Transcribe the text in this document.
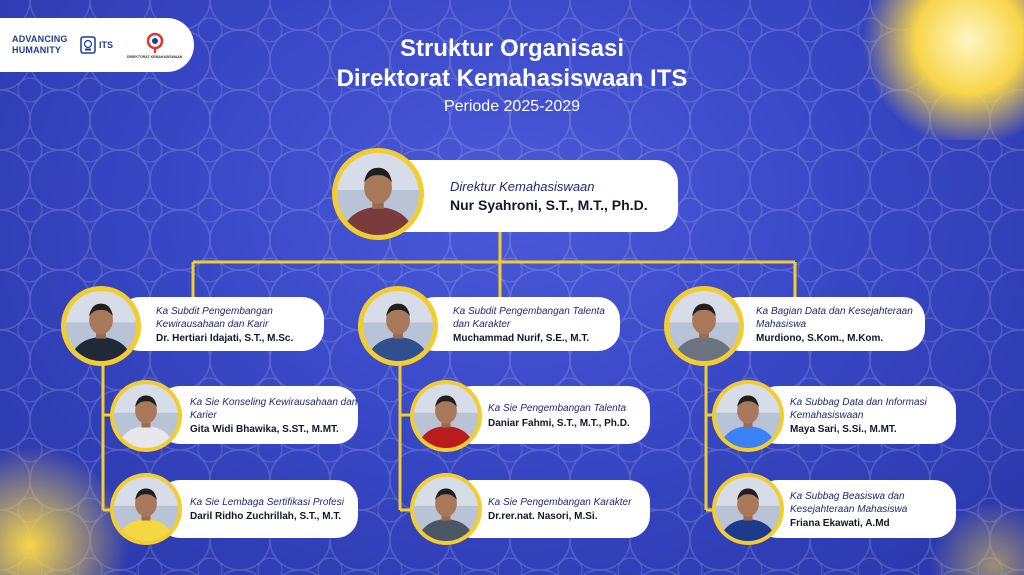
ADVANCING HUMANITY	ITS
DIREKTORAT KEMAHASISWAAN	Struktur Organisasi
Direktorat Kemahasiswaan ITS
Periode 2025-2029
Direktur Kemahasiswaan
Nur Syahroni, S.T., M.T., Ph.D.
Ka Subdit Pengembangan Kewirausahaan dan Karir
Dr. Hertiari Idajati, S.T., M.Sc.
Ka Subdit Pengembangan Talenta dan Karakter
Muchammad Nurif, S.E., M.T.
Ka Bagian Data dan Kesejahteraan Mahasiswa
Murdiono, S.Kom., M.Kom.
Ka Sie Konseling Kewirausahaan dan Karier
Gita Widi Bhawika, S.ST., M.MT.
Ka Sie Lembaga Sertifikasi Profesi
Daril Ridho Zuchrillah, S.T., M.T.
Ka Sie Pengembangan Talenta
Daniar Fahmi, S.T., M.T., Ph.D.
Ka Sie Pengembangan Karakter
Dr.rer.nat. Nasori, M.Si.
Ka Subbag Data dan Informasi Kemahasiswaan
Maya Sari, S.Si., M.MT.
Ka Subbag Beasiswa dan Kesejahteraan Mahasiswa
Friana Ekawati, A.Md
